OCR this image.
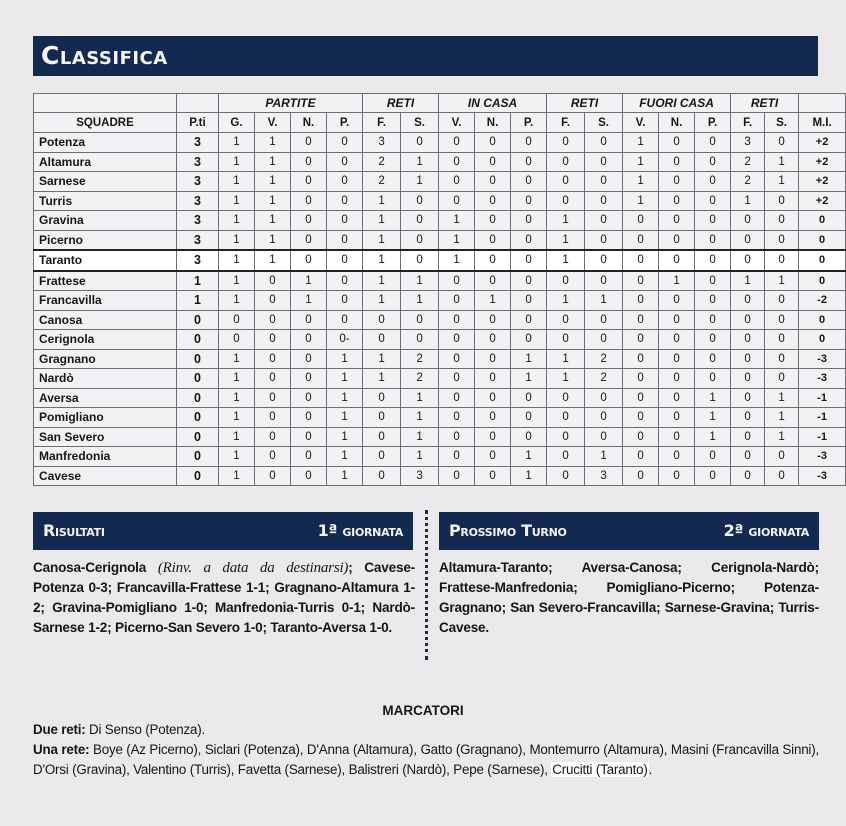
Classifica
		PARTITE				RETI		IN CASA			RETI		FUORI CASA			RETI		
SQUADRE	P.ti	G.	V.	N.	P.	F.	S.	V.	N.	P.	F.	S.	V.	N.	P.	F.	S.	M.I.
Potenza	3	1	1	0	0	3	0	0	0	0	0	0	1	0	0	3	0	+2
Altamura	3	1	1	0	0	2	1	0	0	0	0	0	1	0	0	2	1	+2
Sarnese	3	1	1	0	0	2	1	0	0	0	0	0	1	0	0	2	1	+2
Turris	3	1	1	0	0	1	0	0	0	0	0	0	1	0	0	1	0	+2
Gravina	3	1	1	0	0	1	0	1	0	0	1	0	0	0	0	0	0	0
Picerno	3	1	1	0	0	1	0	1	0	0	1	0	0	0	0	0	0	0
Taranto	3	1	1	0	0	1	0	1	0	0	1	0	0	0	0	0	0	0
Frattese	1	1	0	1	0	1	1	0	0	0	0	0	0	1	0	1	1	0
Francavilla	1	1	0	1	0	1	1	0	1	0	1	1	0	0	0	0	0	-2
Canosa	0	0	0	0	0	0	0	0	0	0	0	0	0	0	0	0	0	0
Cerignola	0	0	0	0	0-	0	0	0	0	0	0	0	0	0	0	0	0	0
Gragnano	0	1	0	0	1	1	2	0	0	1	1	2	0	0	0	0	0	-3
Nardò	0	1	0	0	1	1	2	0	0	1	1	2	0	0	0	0	0	-3
Aversa	0	1	0	0	1	0	1	0	0	0	0	0	0	0	1	0	1	-1
Pomigliano	0	1	0	0	1	0	1	0	0	0	0	0	0	0	1	0	1	-1
San Severo	0	1	0	0	1	0	1	0	0	0	0	0	0	0	1	0	1	-1
Manfredonia	0	1	0	0	1	0	1	0	0	1	0	1	0	0	0	0	0	-3
Cavese	0	1	0	0	1	0	3	0	0	1	0	3	0	0	0	0	0	-3
Risultati	1ª giornata	Prossimo Turno	2ª giornata
Canosa-Cerignola (Rinv. a data da destinarsi); Cavese-Potenza 0-3; Francavilla-Frattese 1-1; Gragnano-Altamura 1-2; Gravina-Pomigliano 1-0; Manfredonia-Turris 0-1; Nardò-Sarnese 1-2; Picerno-San Severo 1-0; Taranto-Aversa 1-0.
Altamura-Taranto; Aversa-Canosa; Cerignola-Nardò; Frattese-Manfredonia; Pomigliano-Picerno; Potenza-Gragnano; San Severo-Francavilla; Sarnese-Gravina; Turris-Cavese.
MARCATORI
Due reti: Di Senso (Potenza).
Una rete: Boye (Az Picerno), Siclari (Potenza), D'Anna (Altamura), Gatto (Gragnano), Montemurro (Altamura), Masini (Francavilla Sinni), D'Orsi (Gravina), Valentino (Turris), Favetta (Sarnese), Balistreri (Nardò), Pepe (Sarnese), Crucitti (Taranto).
